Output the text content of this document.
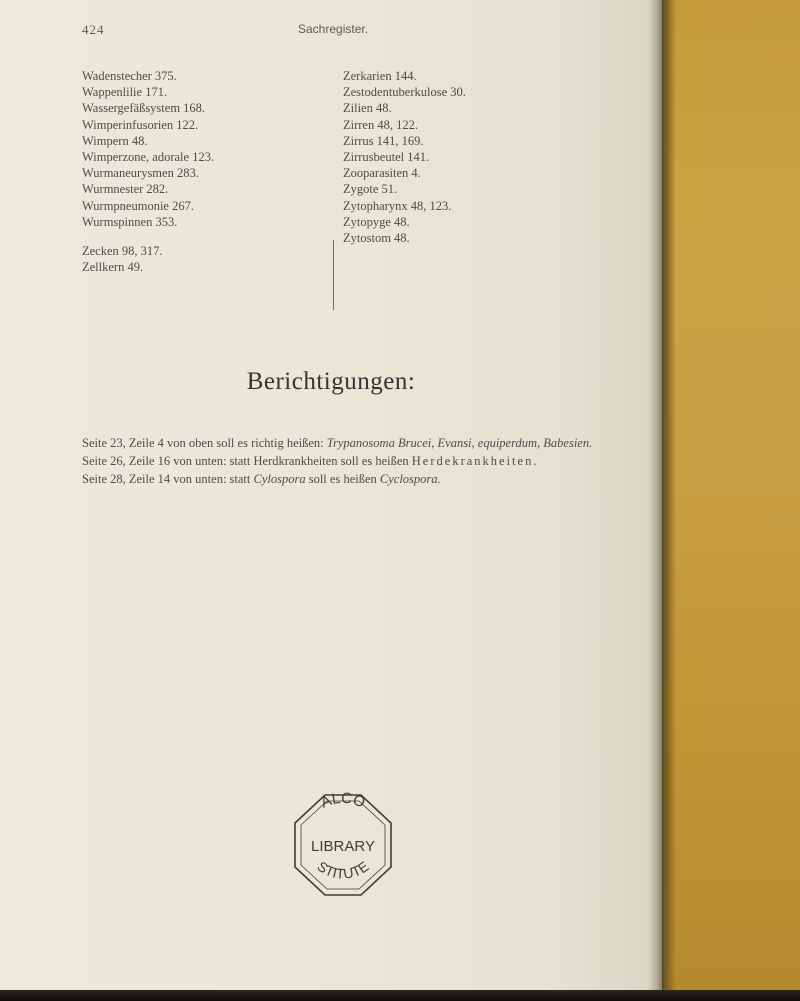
424	Sachregister.
Wadenstecher 375.
Wappenlilie 171.
Wassergefäßsystem 168.
Wimperinfusorien 122.
Wimpern 48.
Wimperzone, adorale 123.
Wurmaneurysmen 283.
Wurmnester 282.
Wurmpneumonie 267.
Wurmspinnen 353.
Zecken 98, 317.
Zellkern 49.
Zerkarien 144.
Zestodentuberkulose 30.
Zilien 48.
Zirren 48, 122.
Zirrus 141, 169.
Zirrusbeutel 141.
Zooparasiten 4.
Zygote 51.
Zytopharynx 48, 123.
Zytopyge 48.
Zytostom 48.
Berichtigungen:

Seite 23, Zeile 4 von oben soll es richtig heißen: Trypanosoma Brucei, Evansi, equiperdum, Babesien.

Seite 26, Zeile 16 von unten: statt Herdkrankheiten soll es heißen Herdekrankheiten.

Seite 28, Zeile 14 von unten: statt Cylospora soll es heißen Cyclospora.

ALCO
LIBRARY
STITUTE
